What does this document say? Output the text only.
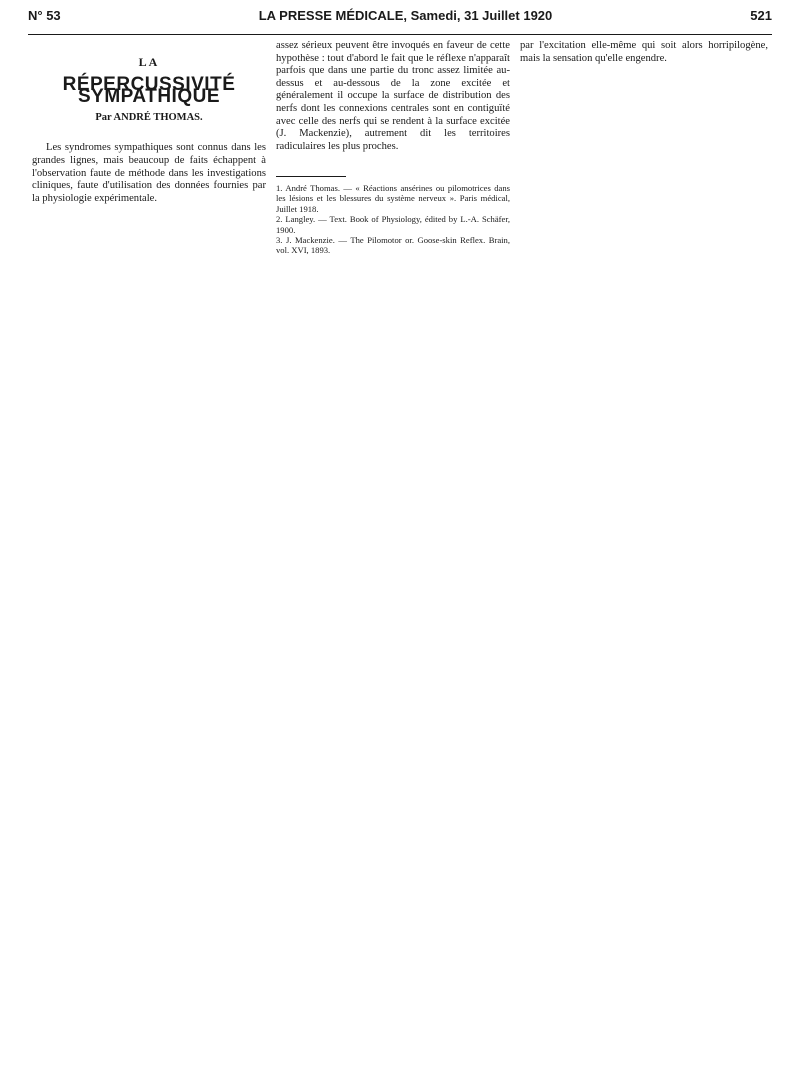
N° 53	LA PRESSE MÉDICALE, Samedi, 31 Juillet 1920	521
LA
RÉPERCUSSIVITÉ SYMPATHIQUE
Par ANDRÉ THOMAS.

Les syndromes sympathiques sont connus dans les grandes lignes, mais beaucoup de faits échappent à l'observation faute de méthode dans les investigations cliniques, faute d'utilisation des données fournies par la physiologie expérimentale.

assez sérieux peuvent être invoqués en faveur de cette hypothèse : tout d'abord le fait que le réflexe n'apparaît parfois que dans une partie du tronc assez limitée au-dessus et au-dessous de la zone excitée et généralement il occupe la surface de distribution des nerfs dont les connexions centrales sont en contiguïté avec celle des nerfs qui se rendent à la surface excitée (J. Mackenzie), autrement dit les territoires radiculaires les plus proches.

1. André Thomas. — « Réactions ansérines ou pilomotrices dans les lésions et les blessures du système nerveux ». Paris médical, Juillet 1918.

2. Langley. — Text. Book of Physiology, édited by L.-A. Schäfer, 1900.

3. J. Mackenzie. — The Pilomotor or. Goose-skin Reflex. Brain, vol. XVI, 1893.

par l'excitation elle-même qui soit alors horripilogène, mais la sensation qu'elle engendre.
